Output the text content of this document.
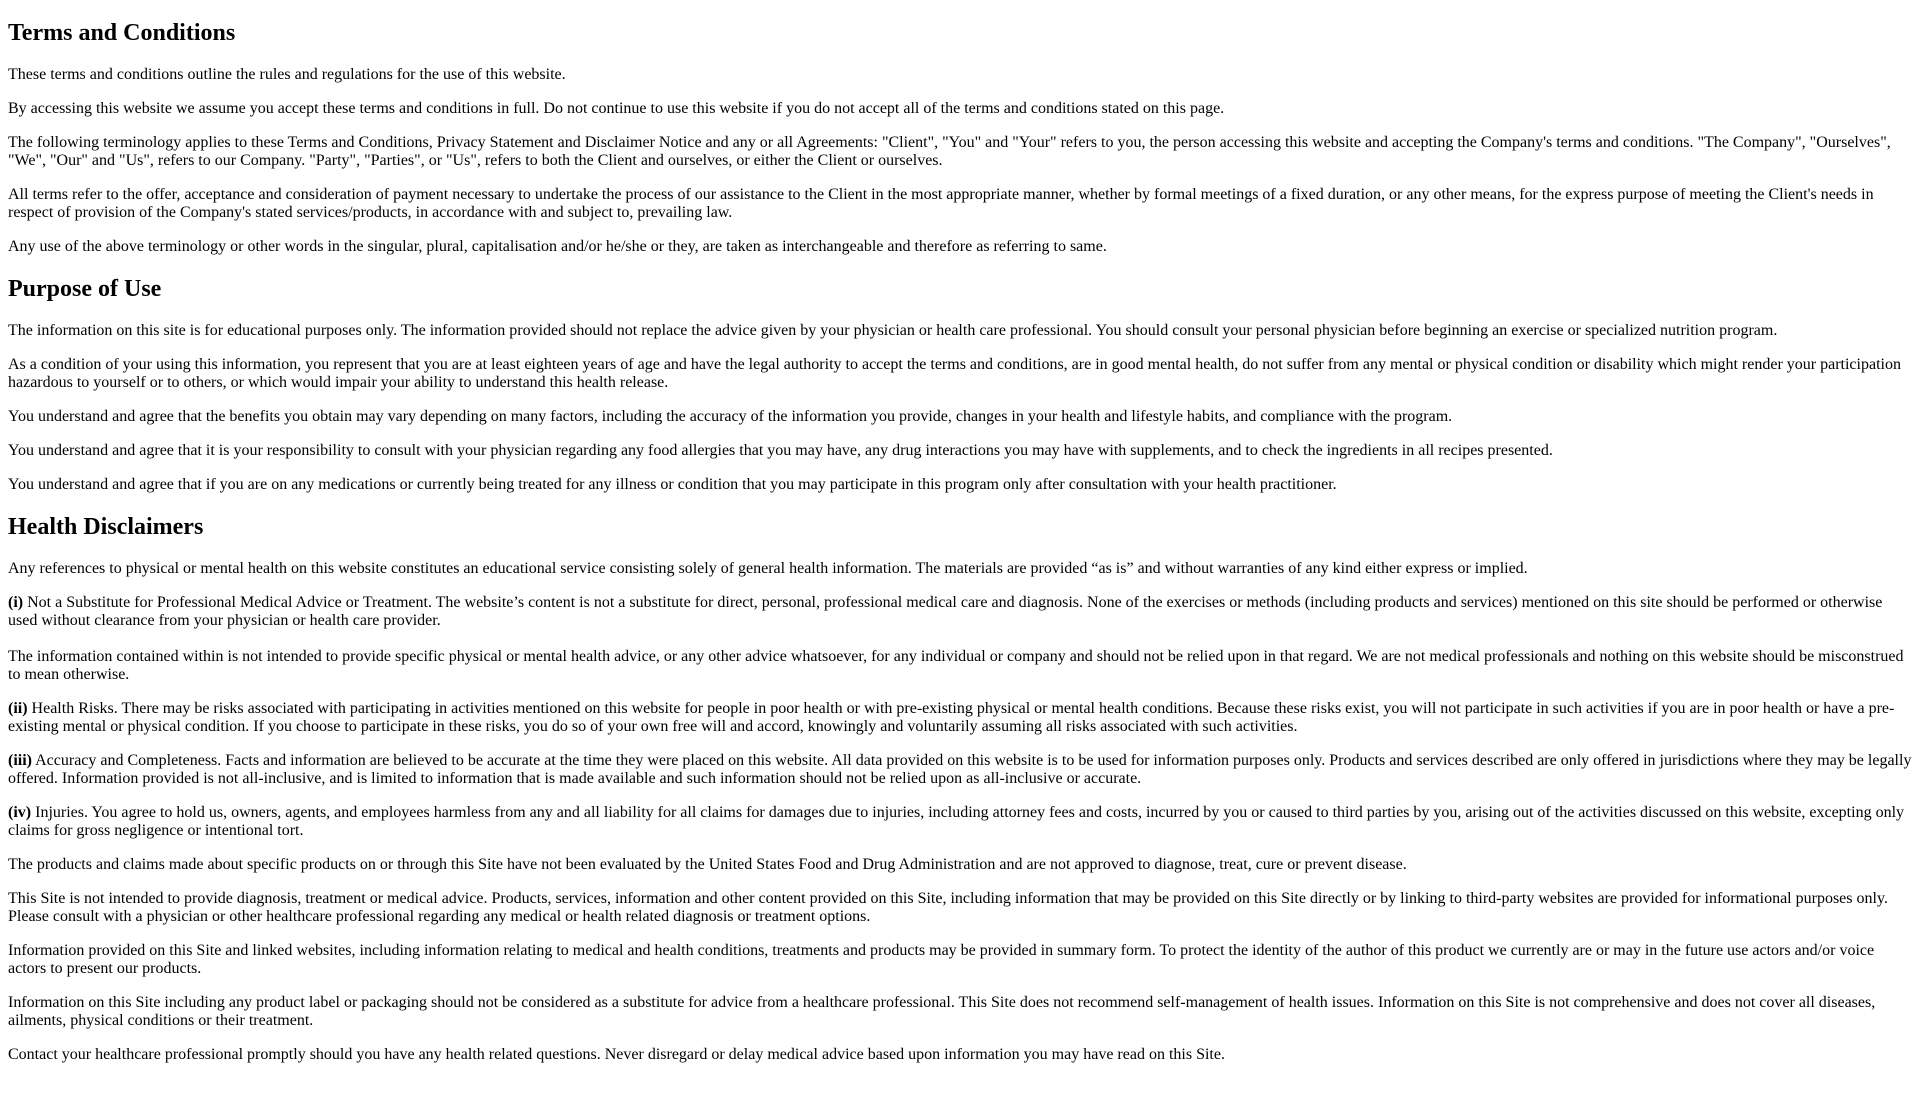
Terms and Conditions

These terms and conditions outline the rules and regulations for the use of this website.

By accessing this website we assume you accept these terms and conditions in full. Do not continue to use this website if you do not accept all of the terms and conditions stated on this page.

The following terminology applies to these Terms and Conditions, Privacy Statement and Disclaimer Notice and any or all Agreements: "Client", "You" and "Your" refers to you, the person accessing this website and accepting the Company's terms and conditions. "The Company", "Ourselves", "We", "Our" and "Us", refers to our Company. "Party", "Parties", or "Us", refers to both the Client and ourselves, or either the Client or ourselves.

All terms refer to the offer, acceptance and consideration of payment necessary to undertake the process of our assistance to the Client in the most appropriate manner, whether by formal meetings of a fixed duration, or any other means, for the express purpose of meeting the Client's needs in respect of provision of the Company's stated services/products, in accordance with and subject to, prevailing law.

Any use of the above terminology or other words in the singular, plural, capitalisation and/or he/she or they, are taken as interchangeable and therefore as referring to same.

Purpose of Use

The information on this site is for educational purposes only. The information provided should not replace the advice given by your physician or health care professional. You should consult your personal physician before beginning an exercise or specialized nutrition program.

As a condition of your using this information, you represent that you are at least eighteen years of age and have the legal authority to accept the terms and conditions, are in good mental health, do not suffer from any mental or physical condition or disability which might render your participation hazardous to yourself or to others, or which would impair your ability to understand this health release.

You understand and agree that the benefits you obtain may vary depending on many factors, including the accuracy of the information you provide, changes in your health and lifestyle habits, and compliance with the program.

You understand and agree that it is your responsibility to consult with your physician regarding any food allergies that you may have, any drug interactions you may have with supplements, and to check the ingredients in all recipes presented.

You understand and agree that if you are on any medications or currently being treated for any illness or condition that you may participate in this program only after consultation with your health practitioner.

Health Disclaimers

Any references to physical or mental health on this website constitutes an educational service consisting solely of general health information. The materials are provided “as is” and without warranties of any kind either express or implied.

(i) Not a Substitute for Professional Medical Advice or Treatment. The website’s content is not a substitute for direct, personal, professional medical care and diagnosis. None of the exercises or methods (including products and services) mentioned on this site should be performed or otherwise used without clearance from your physician or health care provider.

The information contained within is not intended to provide specific physical or mental health advice, or any other advice whatsoever, for any individual or company and should not be relied upon in that regard. We are not medical professionals and nothing on this website should be misconstrued to mean otherwise.

(ii) Health Risks. There may be risks associated with participating in activities mentioned on this website for people in poor health or with pre-existing physical or mental health conditions. Because these risks exist, you will not participate in such activities if you are in poor health or have a pre-existing mental or physical condition. If you choose to participate in these risks, you do so of your own free will and accord, knowingly and voluntarily assuming all risks associated with such activities.

(iii) Accuracy and Completeness. Facts and information are believed to be accurate at the time they were placed on this website. All data provided on this website is to be used for information purposes only. Products and services described are only offered in jurisdictions where they may be legally offered. Information provided is not all-inclusive, and is limited to information that is made available and such information should not be relied upon as all-inclusive or accurate.

(iv) Injuries. You agree to hold us, owners, agents, and employees harmless from any and all liability for all claims for damages due to injuries, including attorney fees and costs, incurred by you or caused to third parties by you, arising out of the activities discussed on this website, excepting only claims for gross negligence or intentional tort.

The products and claims made about specific products on or through this Site have not been evaluated by the United States Food and Drug Administration and are not approved to diagnose, treat, cure or prevent disease.

This Site is not intended to provide diagnosis, treatment or medical advice. Products, services, information and other content provided on this Site, including information that may be provided on this Site directly or by linking to third-party websites are provided for informational purposes only. Please consult with a physician or other healthcare professional regarding any medical or health related diagnosis or treatment options.

Information provided on this Site and linked websites, including information relating to medical and health conditions, treatments and products may be provided in summary form. To protect the identity of the author of this product we currently are or may in the future use actors and/or voice actors to present our products.

Information on this Site including any product label or packaging should not be considered as a substitute for advice from a healthcare professional. This Site does not recommend self-management of health issues. Information on this Site is not comprehensive and does not cover all diseases, ailments, physical conditions or their treatment.

Contact your healthcare professional promptly should you have any health related questions. Never disregard or delay medical advice based upon information you may have read on this Site.
